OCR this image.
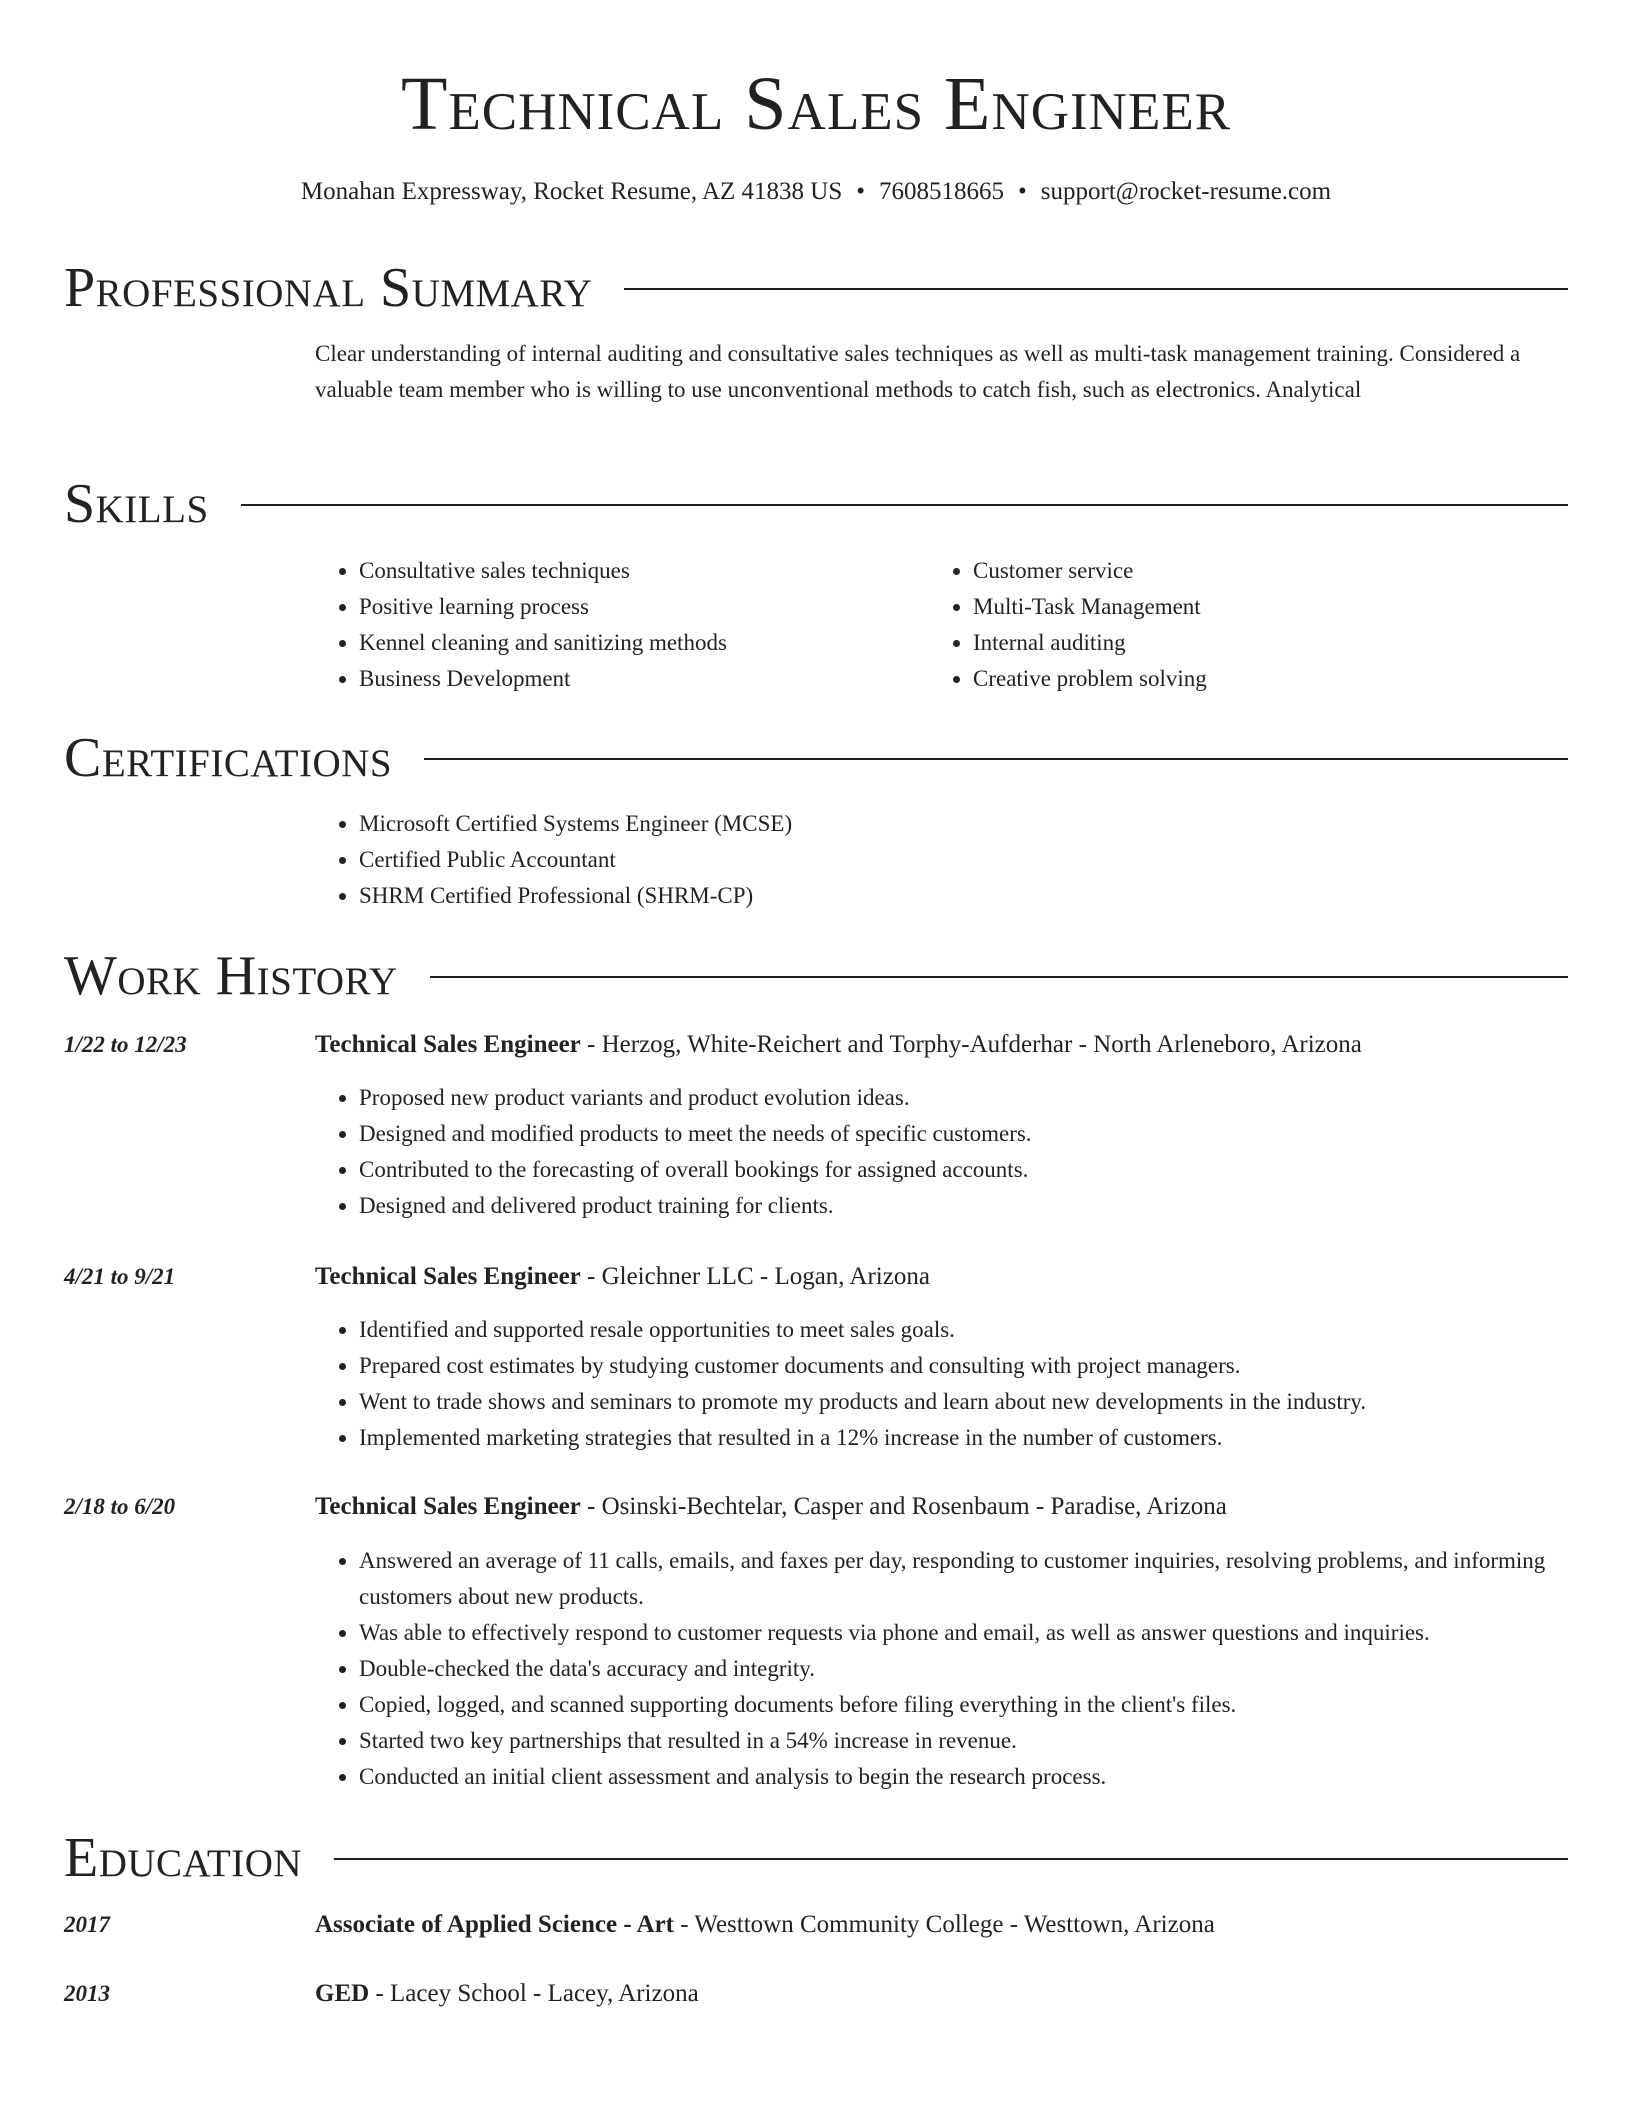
Technical Sales Engineer
Monahan Expressway, Rocket Resume, AZ 41838 US • 7608518665 • support@rocket-resume.com
Professional Summary

Clear understanding of internal auditing and consultative sales techniques as well as multi-task management training. Considered a valuable team member who is willing to use unconventional methods to catch fish, such as electronics. Analytical

Skills
• Consultative sales techniques
• Positive learning process
• Kennel cleaning and sanitizing methods
• Business Development
• Customer service
• Multi-Task Management
• Internal auditing
• Creative problem solving
Certifications
• Microsoft Certified Systems Engineer (MCSE)
• Certified Public Accountant
• SHRM Certified Professional (SHRM-CP)
Work History
1/22 to 12/23	Technical Sales Engineer - Herzog, White-Reichert and Torphy-Aufderhar - North Arleneboro, Arizona
• Proposed new product variants and product evolution ideas.
• Designed and modified products to meet the needs of specific customers.
• Contributed to the forecasting of overall bookings for assigned accounts.
• Designed and delivered product training for clients.
4/21 to 9/21	Technical Sales Engineer - Gleichner LLC - Logan, Arizona
• Identified and supported resale opportunities to meet sales goals.
• Prepared cost estimates by studying customer documents and consulting with project managers.
• Went to trade shows and seminars to promote my products and learn about new developments in the industry.
• Implemented marketing strategies that resulted in a 12% increase in the number of customers.
2/18 to 6/20	Technical Sales Engineer - Osinski-Bechtelar, Casper and Rosenbaum - Paradise, Arizona
• Answered an average of 11 calls, emails, and faxes per day, responding to customer inquiries, resolving problems, and informing customers about new products.
• Was able to effectively respond to customer requests via phone and email, as well as answer questions and inquiries.
• Double-checked the data's accuracy and integrity.
• Copied, logged, and scanned supporting documents before filing everything in the client's files.
• Started two key partnerships that resulted in a 54% increase in revenue.
• Conducted an initial client assessment and analysis to begin the research process.
Education
2017	Associate of Applied Science - Art - Westtown Community College - Westtown, Arizona
2013	GED - Lacey School - Lacey, Arizona
